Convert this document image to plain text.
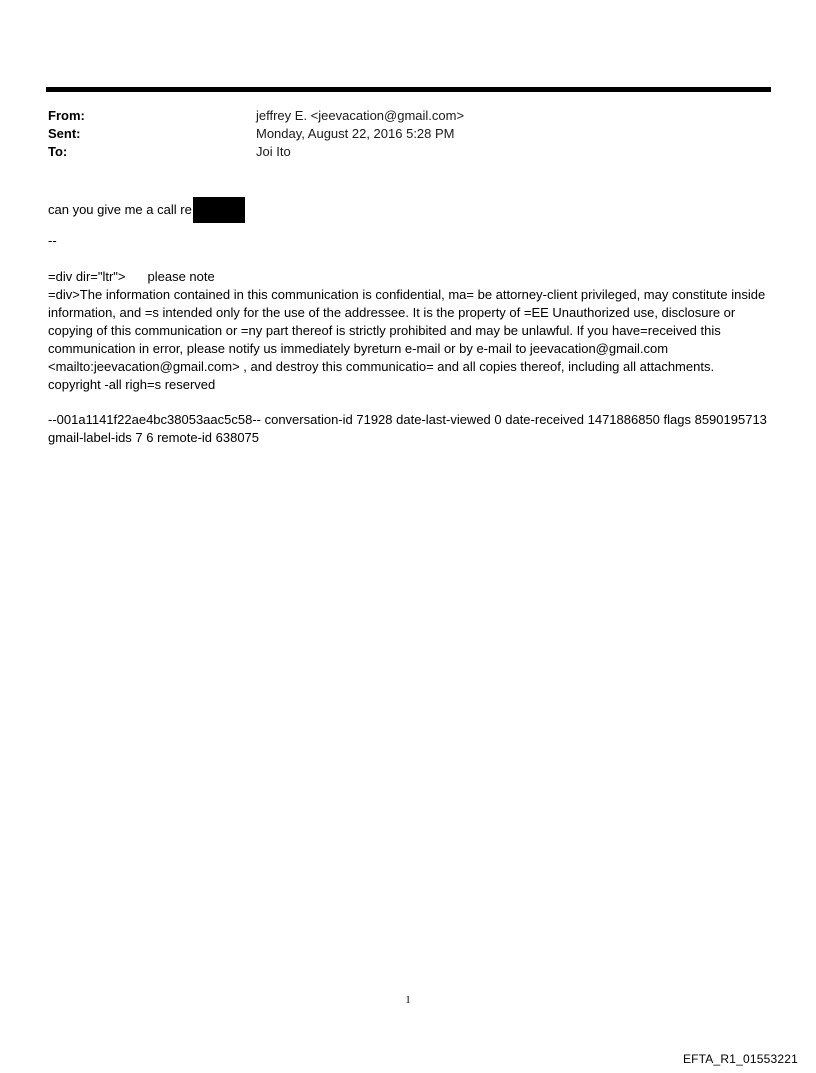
From:	jeffrey E. <jeevacation@gmail.com>
Sent:	Monday, August 22, 2016 5:28 PM
To:	Joi Ito
can you give me a call re
--

=div dir="ltr"> please note

=div>The information contained in this communication is confidential, ma= be attorney-client privileged, may constitute inside information, and =s intended only for the use of the addressee. It is the property of =EE Unauthorized use, disclosure or copying of this communication or =ny part thereof is strictly prohibited and may be unlawful. If you have=received this communication in error, please notify us immediately byreturn e-mail or by e-mail to jeevacation@gmail.com <mailto:jeevacation@gmail.com> , and destroy this communicatio= and all copies thereof, including all attachments. copyright -all righ=s reserved

--001a1141f22ae4bc38053aac5c58-- conversation-id 71928 date-last-viewed 0 date-received 1471886850 flags 8590195713 gmail-label-ids 7 6 remote-id 638075
1
EFTA_R1_01553221
